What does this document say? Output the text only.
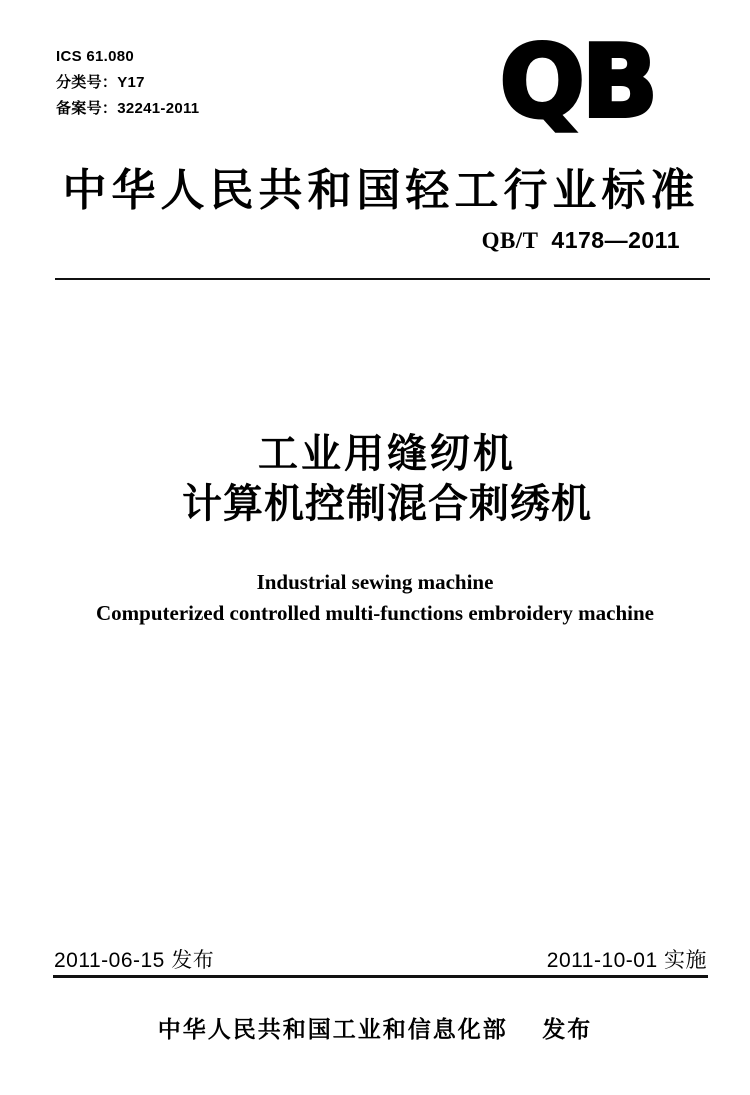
ICS 61.080
分类号：Y17
备案号：32241-2011	QB
中华人民共和国轻工行业标准
QB/T 4178—2011
工业用缝纫机
计算机控制混合刺绣机
Industrial sewing machine
Computerized controlled multi-functions embroidery machine
2011-06-15 发布	2011-10-01 实施
中华人民共和国工业和信息化部 发布
